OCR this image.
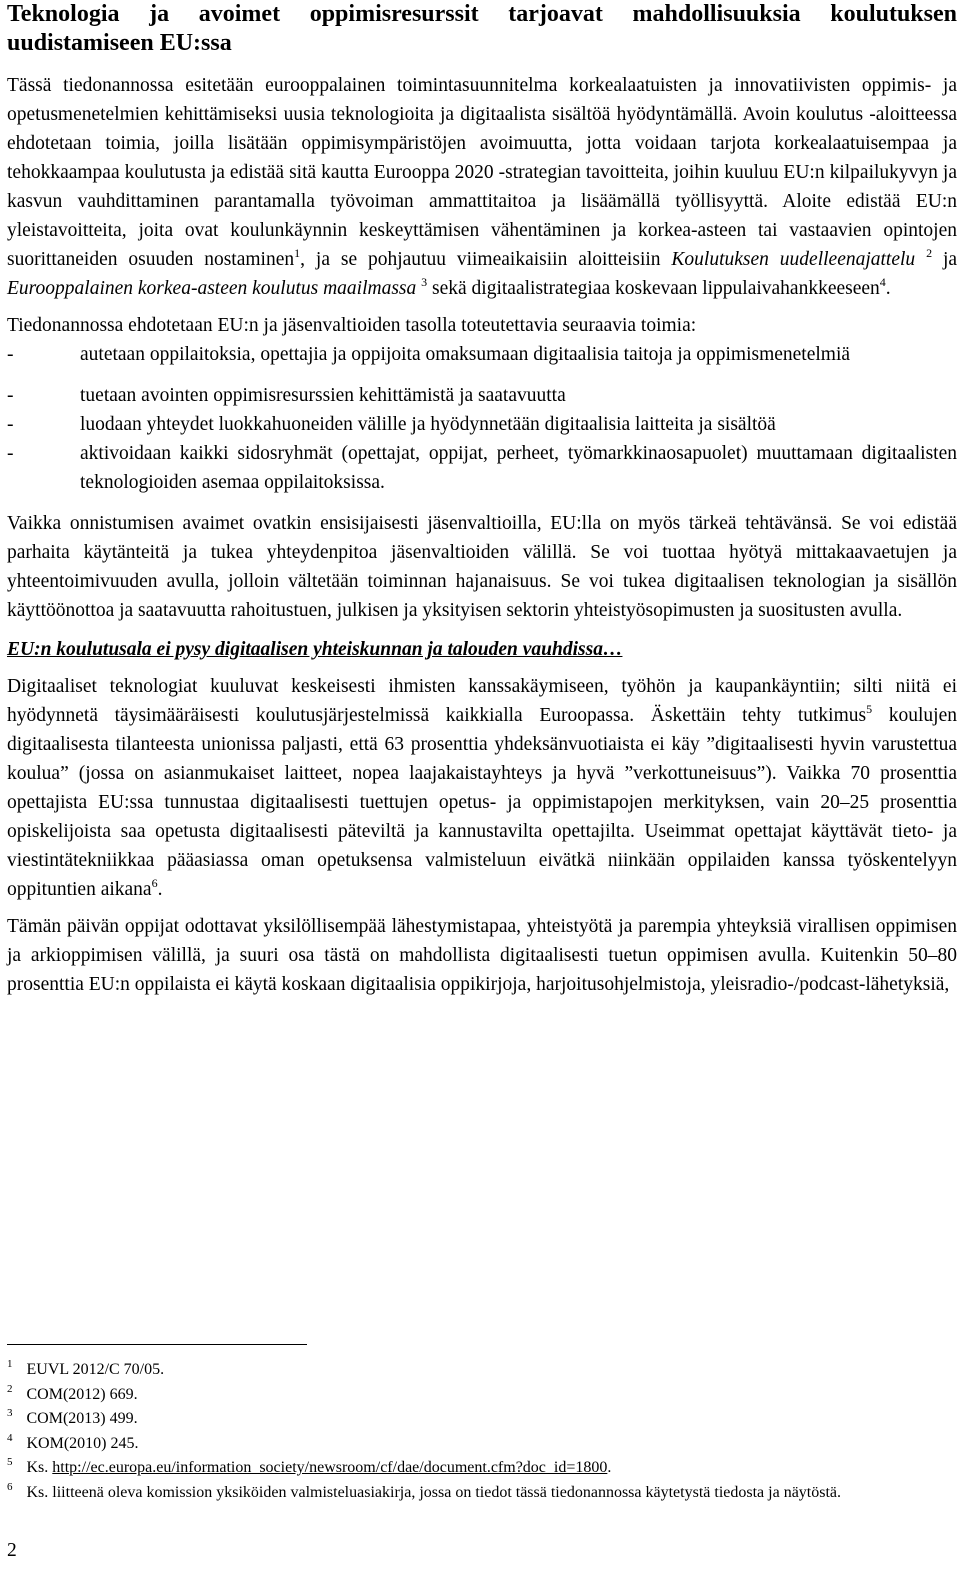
Teknologia ja avoimet oppimisresurssit tarjoavat mahdollisuuksia koulutuksen uudistamiseen EU:ssa

Tässä tiedonannossa esitetään eurooppalainen toimintasuunnitelma korkealaatuisten ja innovatiivisten oppimis- ja opetusmenetelmien kehittämiseksi uusia teknologioita ja digitaalista sisältöä hyödyntämällä. Avoin koulutus -aloitteessa ehdotetaan toimia, joilla lisätään oppimisympäristöjen avoimuutta, jotta voidaan tarjota korkealaatuisempaa ja tehokkaampaa koulutusta ja edistää sitä kautta Eurooppa 2020 -strategian tavoitteita, joihin kuuluu EU:n kilpailukyvyn ja kasvun vauhdittaminen parantamalla työvoiman ammattitaitoa ja lisäämällä työllisyyttä. Aloite edistää EU:n yleistavoitteita, joita ovat koulunkäynnin keskeyttämisen vähentäminen ja korkea-asteen tai vastaavien opintojen suorittaneiden osuuden nostaminen$^1$, ja se pohjautuu viimeaikaisiin aloitteisiin Koulutuksen uudelleenajattelu $^2$ ja Eurooppalainen korkea-asteen koulutus maailmassa $^3$ sekä digitaalistrategiaa koskevaan lippulaivahankkeeseen$^4$.

Tiedonannossa ehdotetaan EU:n ja jäsenvaltioiden tasolla toteutettavia seuraavia toimia:

-	autetaan oppilaitoksia, opettajia ja oppijoita omaksumaan digitaalisia taitoja ja oppimismenetelmiä
-	tuetaan avointen oppimisresurssien kehittämistä ja saatavuutta
-	luodaan yhteydet luokkahuoneiden välille ja hyödynnetään digitaalisia laitteita ja sisältöä
-	aktivoidaan kaikki sidosryhmät (opettajat, oppijat, perheet, työmarkkinaosapuolet) muuttamaan digitaalisten teknologioiden asemaa oppilaitoksissa.

Vaikka onnistumisen avaimet ovatkin ensisijaisesti jäsenvaltioilla, EU:lla on myös tärkeä tehtävänsä. Se voi edistää parhaita käytänteitä ja tukea yhteydenpitoa jäsenvaltioiden välillä. Se voi tuottaa hyötyä mittakaavaetujen ja yhteentoimivuuden avulla, jolloin vältetään toiminnan hajanaisuus. Se voi tukea digitaalisen teknologian ja sisällön käyttöönottoa ja saatavuutta rahoitustuen, julkisen ja yksityisen sektorin yhteistyösopimusten ja suositusten avulla.

EU:n koulutusala ei pysy digitaalisen yhteiskunnan ja talouden vauhdissa…

Digitaaliset teknologiat kuuluvat keskeisesti ihmisten kanssakäymiseen, työhön ja kaupankäyntiin; silti niitä ei hyödynnetä täysimääräisesti koulutusjärjestelmissä kaikkialla Euroopassa. Äskettäin tehty tutkimus$^5$ koulujen digitaalisesta tilanteesta unionissa paljasti, että 63 prosenttia yhdeksänvuotiaista ei käy ”digitaalisesti hyvin varustettua koulua” (jossa on asianmukaiset laitteet, nopea laajakaistayhteys ja hyvä ”verkottuneisuus”). Vaikka 70 prosenttia opettajista EU:ssa tunnustaa digitaalisesti tuettujen opetus- ja oppimistapojen merkityksen, vain 20–25 prosenttia opiskelijoista saa opetusta digitaalisesti päteviltä ja kannustavilta opettajilta. Useimmat opettajat käyttävät tieto- ja viestintätekniikkaa pääasiassa oman opetuksensa valmisteluun eivätkä niinkään oppilaiden kanssa työskentelyyn oppituntien aikana$^6$.

Tämän päivän oppijat odottavat yksilöllisempää lähestymistapaa, yhteistyötä ja parempia yhteyksiä virallisen oppimisen ja arkioppimisen välillä, ja suuri osa tästä on mahdollista digitaalisesti tuetun oppimisen avulla. Kuitenkin 50–80 prosenttia EU:n oppilaista ei käytä koskaan digitaalisia oppikirjoja, harjoitusohjelmistoja, yleisradio-/podcast-lähetyksiä,

$^1$ EUVL 2012/C 70/05.
$^2$ COM(2012) 669.
$^3$ COM(2013) 499.
$^4$ KOM(2010) 245.
$^5$ Ks. http://ec.europa.eu/information_society/newsroom/cf/dae/document.cfm?doc_id=1800.
$^6$ Ks. liitteenä oleva komission yksiköiden valmisteluasiakirja, jossa on tiedot tässä tiedonannossa käytetystä tiedosta ja näytöstä.
2
